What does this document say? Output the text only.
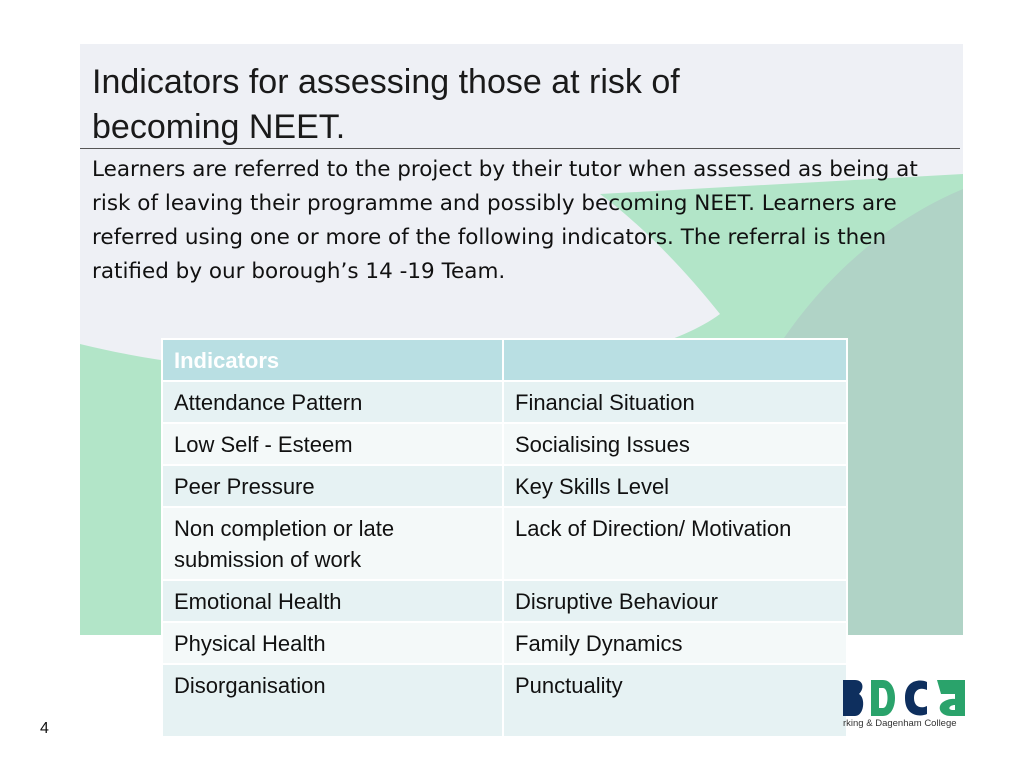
Indicators for assessing those at risk of
becoming NEET.

Learners are referred to the project by their tutor when assessed as being at risk of leaving their programme and possibly becoming NEET. Learners are referred using one or more of the following indicators. The referral is then ratified by our borough’s 14 -19 Team.

Indicators	
Attendance Pattern	Financial Situation
Low Self - Esteem	Socialising Issues
Peer Pressure	Key Skills Level
Non completion or late submission of work	Lack of Direction/ Motivation
Emotional Health	Disruptive Behaviour
Physical Health	Family Dynamics
Disorganisation	Punctuality
rking & Dagenham College
4
